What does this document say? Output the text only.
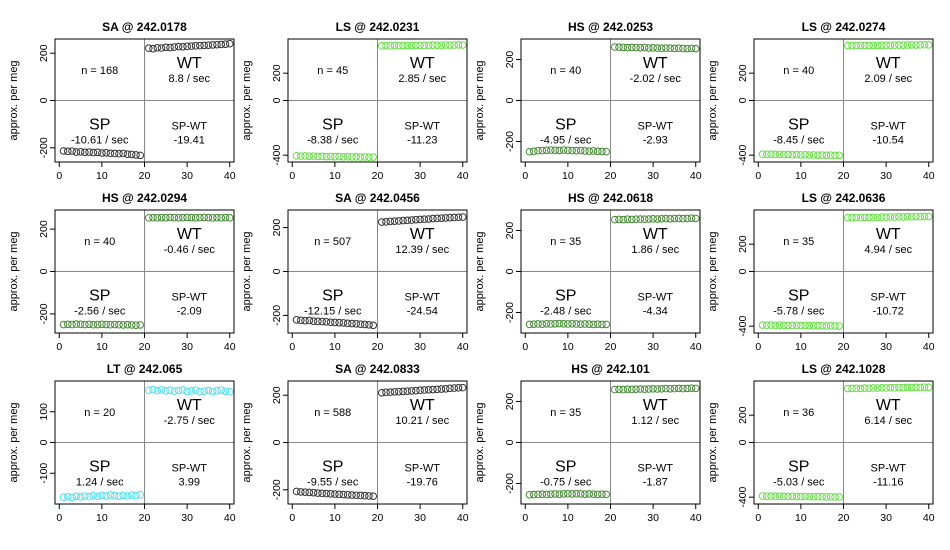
SA @ 242.0178
approx. per meg
-200
0
200
0	10	20	30	40
n = 168	WT
8.8 / sec
SP
-10.61 / sec
SP-WT
-19.41
LS @ 242.0231
approx. per meg
-400
0
200
0	10	20	30	40
n = 45	WT
2.85 / sec
SP
-8.38 / sec
SP-WT
-11.23
HS @ 242.0253
approx. per meg
-200
0
200
0	10	20	30	40
n = 40	WT
-2.02 / sec
SP
-4.95 / sec
SP-WT
-2.93
LS @ 242.0274
approx. per meg
-400
0
200
0	10	20	30	40
n = 40	WT
2.09 / sec
SP
-8.45 / sec
SP-WT
-10.54
HS @ 242.0294
approx. per meg
-200
0
200
0	10	20	30	40
n = 40	WT
-0.46 / sec
SP
-2.56 / sec
SP-WT
-2.09
SA @ 242.0456
approx. per meg
-200
0
200
0	10	20	30	40
n = 507	WT
12.39 / sec
SP
-12.15 / sec
SP-WT
-24.54
HS @ 242.0618
approx. per meg
-200
0
200
0	10	20	30	40
n = 35	WT
1.86 / sec
SP
-2.48 / sec
SP-WT
-4.34
LS @ 242.0636
approx. per meg
-400
0
200
0	10	20	30	40
n = 35	WT
4.94 / sec
SP
-5.78 / sec
SP-WT
-10.72
LT @ 242.065
approx. per meg -100
0
100
0	10	20	30	40
n = 20	WT
-2.75 / sec
SP
1.24 / sec
SP-WT
3.99
SA @ 242.0833
approx. per meg
-200
0
200
0	10	20	30	40
n = 588	WT
10.21 / sec
SP
-9.55 / sec
SP-WT
-19.76
HS @ 242.101
approx. per meg
-200
0
200
0	10	20	30	40
n = 35	WT
1.12 / sec
SP
-0.75 / sec
SP-WT
-1.87
LS @ 242.1028
approx. per meg
-400
0
200
0	10	20	30	40
n = 36	WT
6.14 / sec
SP
-5.03 / sec
SP-WT
-11.16
